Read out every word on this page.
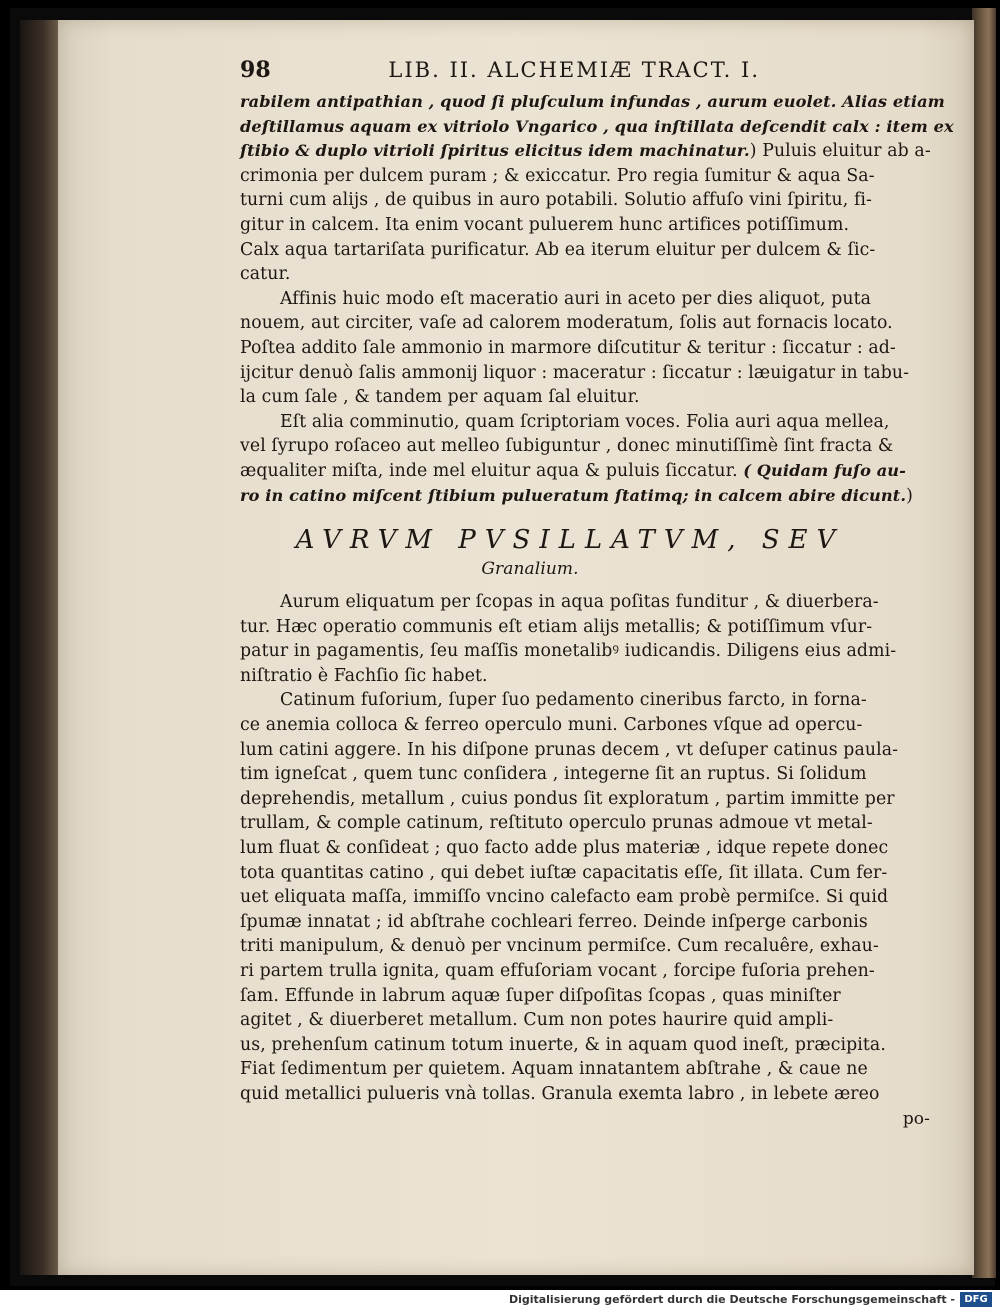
98	LIB. II. ALCHEMIÆ TRACT. I.
rabilem antipathian , quod ſi pluſculum infundas , aurum euolet. Alias etiam
deſtillamus aquam ex vitriolo Vngarico , qua inſtillata deſcendit calx : item ex
ſtibio & duplo vitrioli ſpiritus elicitus idem machinatur.) Puluis eluitur ab a-
crimonia per dulcem puram ; & exiccatur. Pro regia ſumitur & aqua Sa-
turni cum alijs , de quibus in auro potabili. Solutio affuſo vini ſpiritu, fi-
gitur in calcem. Ita enim vocant puluerem hunc artifices potiſſimum.
Calx aqua tartariſata purificatur. Ab ea iterum eluitur per dulcem & ſic-
catur.
Affinis huic modo eſt maceratio auri in aceto per dies aliquot, puta
nouem, aut circiter, vaſe ad calorem moderatum, ſolis aut fornacis locato.
Poſtea addito ſale ammonio in marmore diſcutitur & teritur : ſiccatur : ad-
ijcitur denuò ſalis ammonij liquor : maceratur : ſiccatur : læuigatur in tabu-
la cum ſale , & tandem per aquam ſal eluitur.
Eſt alia comminutio, quam ſcriptoriam voces. Folia auri aqua mellea,
vel ſyrupo roſaceo aut melleo ſubiguntur , donec minutiſſimè ſint fracta &
æqualiter miſta, inde mel eluitur aqua & puluis ſiccatur. ( Quidam fuſo au-
ro in catino miſcent ſtibium pulueratum ſtatimq; in calcem abire dicunt.)
AVRVM PVSILLATVM, SEV
Granalium.
Aurum eliquatum per ſcopas in aqua poſitas funditur , & diuerbera-
tur. Hæc operatio communis eſt etiam alijs metallis; & potiſſimum vſur-
patur in pagamentis, ſeu maſſis monetalibꝰ iudicandis. Diligens eius admi-
niſtratio è Fachſio ſic habet.
Catinum fuſorium, ſuper ſuo pedamento cineribus farcto, in forna-
ce anemia colloca & ferreo operculo muni. Carbones vſque ad opercu-
lum catini aggere. In his diſpone prunas decem , vt deſuper catinus paula-
tim igneſcat , quem tunc conſidera , integerne ſit an ruptus. Si ſolidum
deprehendis, metallum , cuius pondus ſit exploratum , partim immitte per
trullam, & comple catinum, reſtituto operculo prunas admoue vt metal-
lum fluat & conſideat ; quo facto adde plus materiæ , idque repete donec
tota quantitas catino , qui debet iuſtæ capacitatis eſſe, ſit illata. Cum fer-
uet eliquata maſſa, immiſſo vncino calefacto eam probè permiſce. Si quid
ſpumæ innatat ; id abſtrahe cochleari ferreo. Deinde inſperge carbonis
triti manipulum, & denuò per vncinum permiſce. Cum recaluêre, exhau-
ri partem trulla ignita, quam effuſoriam vocant , forcipe fuſoria prehen-
ſam. Effunde in labrum aquæ ſuper diſpoſitas ſcopas , quas miniſter
agitet , & diuerberet metallum. Cum non potes haurire quid ampli-
us, prehenſum catinum totum inuerte, & in aquam quod ineſt, præcipita.
Fiat ſedimentum per quietem. Aquam innatantem abſtrahe , & caue ne
quid metallici pulueris vnà tollas. Granula exemta labro , in lebete æreo
po-
Digitalisierung gefördert durch die Deutsche Forschungsgemeinschaft - DFG
